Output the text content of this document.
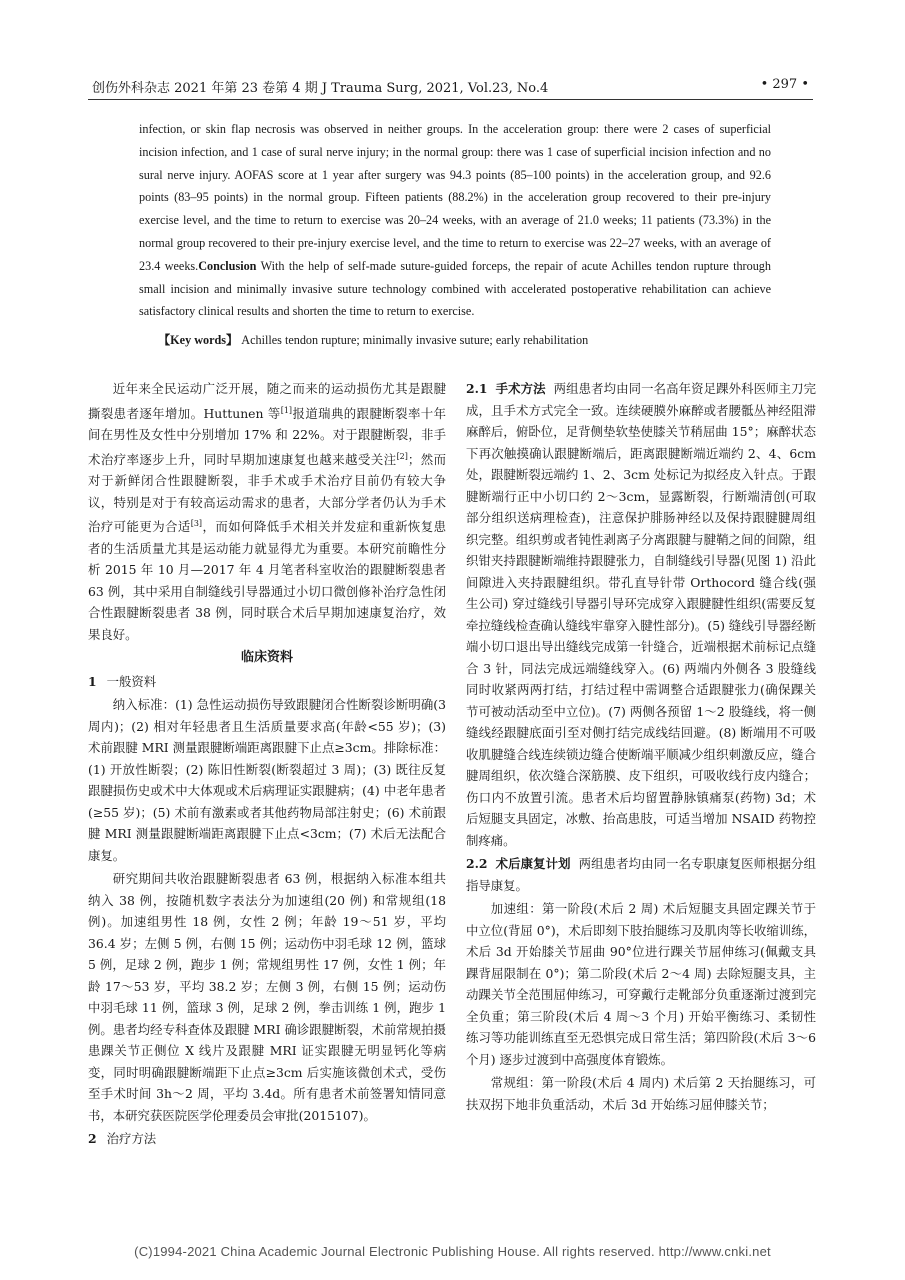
创伤外科杂志 2021 年第 23 卷第 4 期 J Trauma Surg, 2021, Vol.23, No.4	• 297 •
infection, or skin flap necrosis was observed in neither groups. In the acceleration group: there were 2 cases of superficial incision infection, and 1 case of sural nerve injury; in the normal group: there was 1 case of superficial incision infection and no sural nerve injury. AOFAS score at 1 year after surgery was 94.3 points (85–100 points) in the acceleration group, and 92.6 points (83–95 points) in the normal group. Fifteen patients (88.2%) in the acceleration group recovered to their pre-injury exercise level, and the time to return to exercise was 20–24 weeks, with an average of 21.0 weeks; 11 patients (73.3%) in the normal group recovered to their pre-injury exercise level, and the time to return to exercise was 22–27 weeks, with an average of 23.4 weeks.Conclusion With the help of self-made suture-guided forceps, the repair of acute Achilles tendon rupture through small incision and minimally invasive suture technology combined with accelerated postoperative rehabilitation can achieve satisfactory clinical results and shorten the time to return to exercise.
【Key words】 Achilles tendon rupture; minimally invasive suture; early rehabilitation

近年来全民运动广泛开展，随之而来的运动损伤尤其是跟腱撕裂患者逐年增加。Huttunen 等[1]报道瑞典的跟腱断裂率十年间在男性及女性中分别增加 17% 和 22%。对于跟腱断裂，非手术治疗率逐步上升，同时早期加速康复也越来越受关注[2]；然而对于新鲜闭合性跟腱断裂，非手术或手术治疗目前仍有较大争议，特别是对于有较高运动需求的患者，大部分学者仍认为手术治疗可能更为合适[3]，而如何降低手术相关并发症和重新恢复患者的生活质量尤其是运动能力就显得尤为重要。本研究前瞻性分析 2015 年 10 月—2017 年 4 月笔者科室收治的跟腱断裂患者 63 例，其中采用自制缝线引导器通过小切口微创修补治疗急性闭合性跟腱断裂患者 38 例，同时联合术后早期加速康复治疗，效果良好。

临床资料

1 一般资料

纳入标准：(1) 急性运动损伤导致跟腱闭合性断裂诊断明确(3 周内)；(2) 相对年轻患者且生活质量要求高(年龄<55 岁)；(3) 术前跟腱 MRI 测量跟腱断端距离跟腱下止点≥3cm。排除标准：(1) 开放性断裂；(2) 陈旧性断裂(断裂超过 3 周)；(3) 既往反复跟腱损伤史或术中大体观或术后病理证实跟腱病；(4) 中老年患者(≥55 岁)；(5) 术前有激素或者其他药物局部注射史；(6) 术前跟腱 MRI 测量跟腱断端距离跟腱下止点<3cm；(7) 术后无法配合康复。

研究期间共收治跟腱断裂患者 63 例，根据纳入标准本组共纳入 38 例，按随机数字表法分为加速组(20 例) 和常规组(18 例)。加速组男性 18 例，女性 2 例；年龄 19～51 岁，平均 36.4 岁；左侧 5 例，右侧 15 例；运动伤中羽毛球 12 例，篮球 5 例，足球 2 例，跑步 1 例；常规组男性 17 例，女性 1 例；年龄 17～53 岁，平均 38.2 岁；左侧 3 例，右侧 15 例；运动伤中羽毛球 11 例，篮球 3 例，足球 2 例，拳击训练 1 例，跑步 1 例。患者均经专科查体及跟腱 MRI 确诊跟腱断裂，术前常规拍摄患踝关节正侧位 X 线片及跟腱 MRI 证实跟腱无明显钙化等病变，同时明确跟腱断端距下止点≥3cm 后实施该微创术式，受伤至手术时间 3h～2 周，平均 3.4d。所有患者术前签署知情同意书，本研究获医院医学伦理委员会审批(2015107)。

2 治疗方法

2.1 手术方法 两组患者均由同一名高年资足踝外科医师主刀完成，且手术方式完全一致。连续硬膜外麻醉或者腰骶丛神经阻滞麻醉后，俯卧位，足背侧垫软垫使膝关节稍屈曲 15°；麻醉状态下再次触摸确认跟腱断端后，距离跟腱断端近端约 2、4、6cm 处，跟腱断裂远端约 1、2、3cm 处标记为拟经皮入针点。于跟腱断端行正中小切口约 2～3cm，显露断裂，行断端清创(可取部分组织送病理检查)，注意保护腓肠神经以及保持跟腱腱周组织完整。组织剪或者钝性剥离子分离跟腱与腱鞘之间的间隙，组织钳夹持跟腱断端维持跟腱张力，自制缝线引导器(见图 1) 沿此间隙进入夹持跟腱组织。带孔直导针带 Orthocord 缝合线(强生公司) 穿过缝线引导器引导环完成穿入跟腱腱性组织(需要反复牵拉缝线检查确认缝线牢靠穿入腱性部分)。(5) 缝线引导器经断端小切口退出导出缝线完成第一针缝合，近端根据术前标记点缝合 3 针，同法完成远端缝线穿入。(6) 两端内外侧各 3 股缝线同时收紧两两打结，打结过程中需调整合适跟腱张力(确保踝关节可被动活动至中立位)。(7) 两侧各预留 1～2 股缝线，将一侧缝线经跟腱底面引至对侧打结完成线结回避。(8) 断端用不可吸收肌腱缝合线连续锁边缝合使断端平顺减少组织刺激反应，缝合腱周组织，依次缝合深筋膜、皮下组织，可吸收线行皮内缝合；伤口内不放置引流。患者术后均留置静脉镇痛泵(药物) 3d；术后短腿支具固定，冰敷、抬高患肢，可适当增加 NSAID 药物控制疼痛。

2.2 术后康复计划 两组患者均由同一名专职康复医师根据分组指导康复。

加速组：第一阶段(术后 2 周) 术后短腿支具固定踝关节于中立位(背屈 0°)，术后即刻下肢抬腿练习及肌肉等长收缩训练，术后 3d 开始膝关节屈曲 90°位进行踝关节屈伸练习(佩戴支具踝背屈限制在 0°)；第二阶段(术后 2～4 周) 去除短腿支具，主动踝关节全范围屈伸练习，可穿戴行走靴部分负重逐渐过渡到完全负重；第三阶段(术后 4 周～3 个月) 开始平衡练习、柔韧性练习等功能训练直至无恐惧完成日常生活；第四阶段(术后 3～6 个月) 逐步过渡到中高强度体育锻炼。

常规组：第一阶段(术后 4 周内) 术后第 2 天抬腿练习，可扶双拐下地非负重活动，术后 3d 开始练习屈伸膝关节；

(C)1994-2021 China Academic Journal Electronic Publishing House. All rights reserved. http://www.cnki.net
